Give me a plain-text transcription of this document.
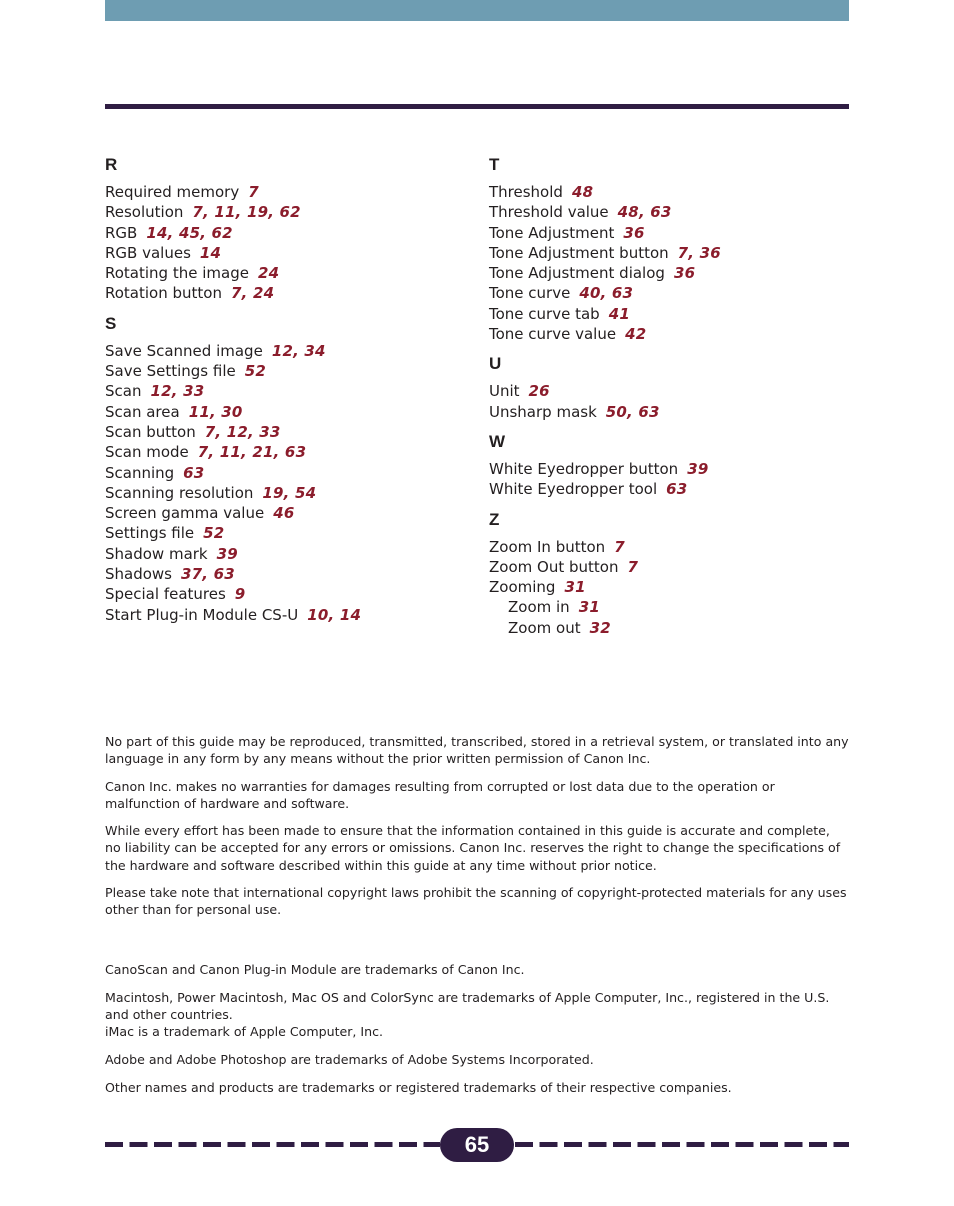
R
Required memory 7
Resolution 7, 11, 19, 62
RGB 14, 45, 62
RGB values 14
Rotating the image 24
Rotation button 7, 24
S
Save Scanned image 12, 34
Save Settings file 52
Scan 12, 33
Scan area 11, 30
Scan button 7, 12, 33
Scan mode 7, 11, 21, 63
Scanning 63
Scanning resolution 19, 54
Screen gamma value 46
Settings file 52
Shadow mark 39
Shadows 37, 63
Special features 9
Start Plug-in Module CS-U 10, 14
T
Threshold 48
Threshold value 48, 63
Tone Adjustment 36
Tone Adjustment button 7, 36
Tone Adjustment dialog 36
Tone curve 40, 63
Tone curve tab 41
Tone curve value 42
U
Unit 26
Unsharp mask 50, 63
W
White Eyedropper button 39
White Eyedropper tool 63
Z
Zoom In button 7
Zoom Out button 7
Zooming 31
Zoom in 31
Zoom out 32

No part of this guide may be reproduced, transmitted, transcribed, stored in a retrieval system, or translated into any language in any form by any means without the prior written permission of Canon Inc.

Canon Inc. makes no warranties for damages resulting from corrupted or lost data due to the operation or malfunction of hardware and software.

While every effort has been made to ensure that the information contained in this guide is accurate and complete, no liability can be accepted for any errors or omissions. Canon Inc. reserves the right to change the specifications of the hardware and software described within this guide at any time without prior notice.

Please take note that international copyright laws prohibit the scanning of copyright-protected materials for any uses other than for personal use.

CanoScan and Canon Plug-in Module are trademarks of Canon Inc.

Macintosh, Power Macintosh, Mac OS and ColorSync are trademarks of Apple Computer, Inc., registered in the U.S. and other countries.

iMac is a trademark of Apple Computer, Inc.

Adobe and Adobe Photoshop are trademarks of Adobe Systems Incorporated.

Other names and products are trademarks or registered trademarks of their respective companies.

65
